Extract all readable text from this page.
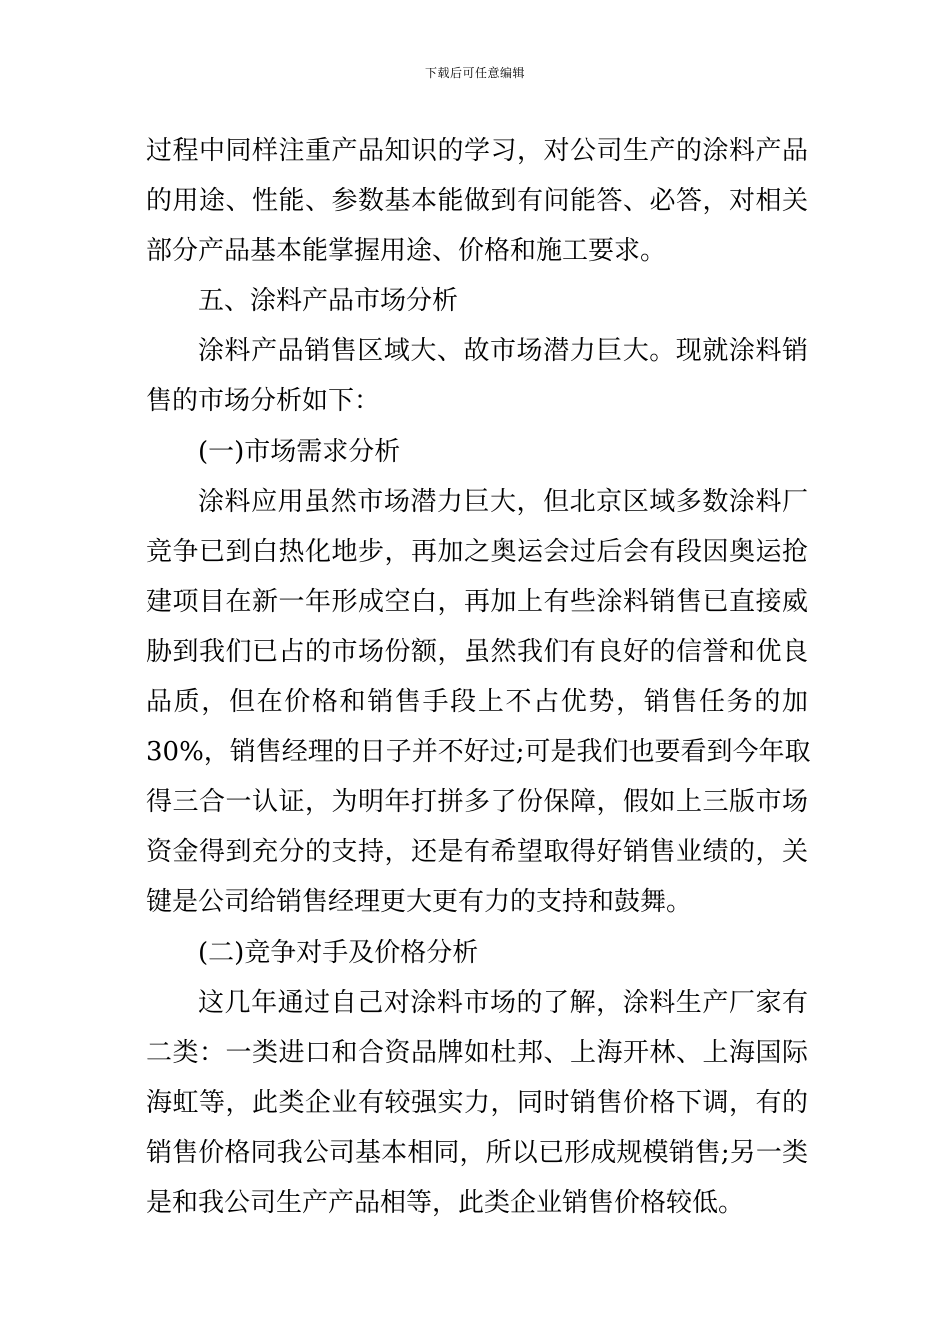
下载后可任意编辑

过程中同样注重产品知识的学习，对公司生产的涂料产品
的用途、性能、参数基本能做到有问能答、必答，对相关
部分产品基本能掌握用途、价格和施工要求。

五、涂料产品市场分析

涂料产品销售区域大、故市场潜力巨大。现就涂料销
售的市场分析如下：

(一)市场需求分析

涂料应用虽然市场潜力巨大，但北京区域多数涂料厂
竞争已到白热化地步，再加之奥运会过后会有段因奥运抢
建项目在新一年形成空白，再加上有些涂料销售已直接威
胁到我们已占的市场份额，虽然我们有良好的信誉和优良
品质，但在价格和销售手段上不占优势，销售任务的加
30%，销售经理的日子并不好过;可是我们也要看到今年取
得三合一认证，为明年打拼多了份保障，假如上三版市场
资金得到充分的支持，还是有希望取得好销售业绩的，关
键是公司给销售经理更大更有力的支持和鼓舞。

(二)竞争对手及价格分析

这几年通过自己对涂料市场的了解，涂料生产厂家有
二类：一类进口和合资品牌如杜邦、上海开林、上海国际
海虹等，此类企业有较强实力，同时销售价格下调，有的
销售价格同我公司基本相同，所以已形成规模销售;另一类
是和我公司生产产品相等，此类企业销售价格较低。
